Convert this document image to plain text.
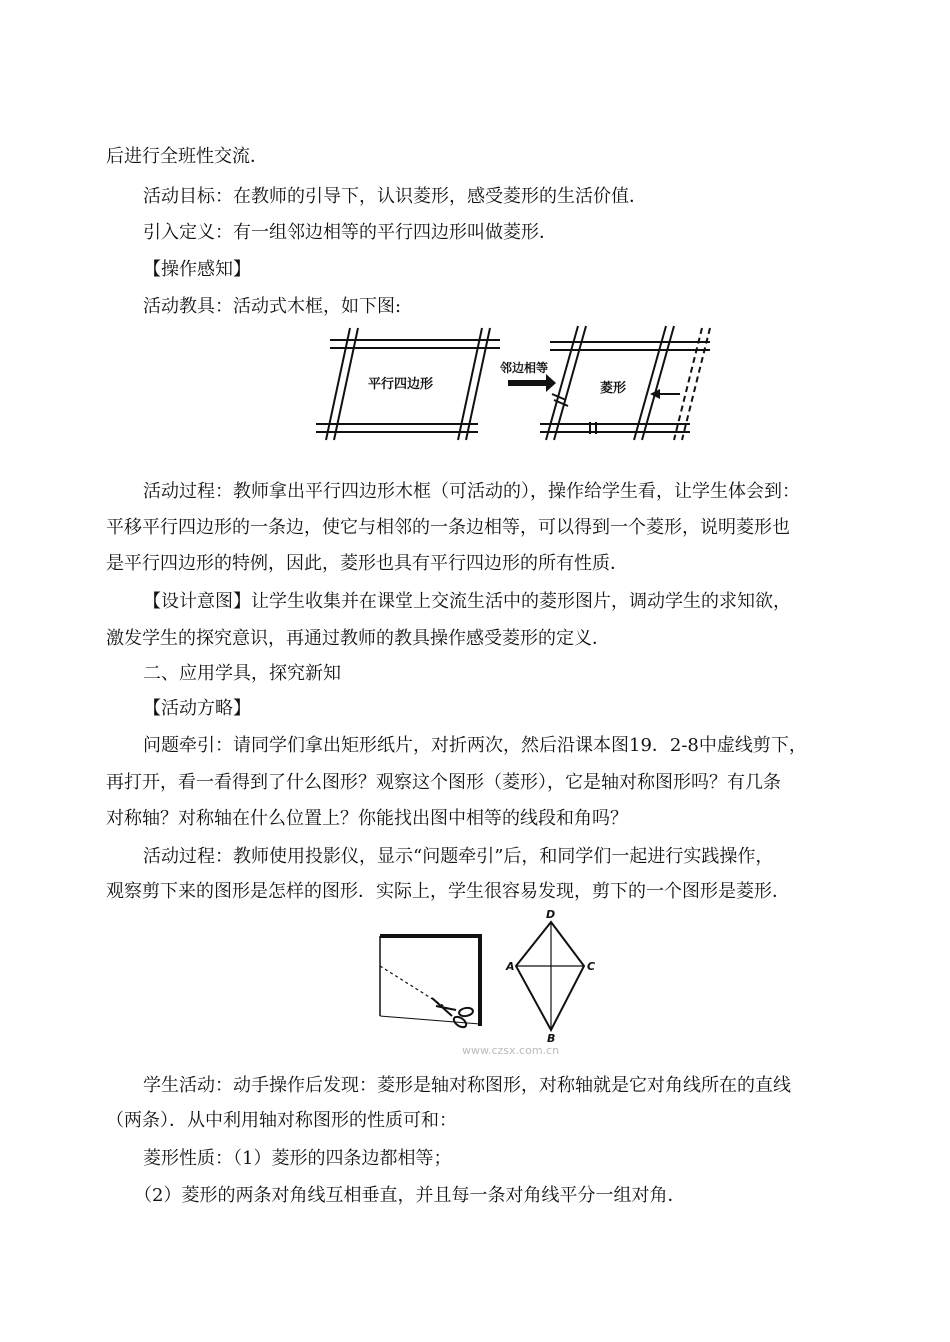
后进行全班性交流．
活动目标：在教师的引导下，认识菱形，感受菱形的生活价值．
引入定义：有一组邻边相等的平行四边形叫做菱形．
【操作感知】
活动教具：活动式木框，如下图:
平行四边形
邻边相等
菱形
活动过程：教师拿出平行四边形木框（可活动的），操作给学生看，让学生体会到：
平移平行四边形的一条边，使它与相邻的一条边相等，可以得到一个菱形，说明菱形也
是平行四边形的特例，因此，菱形也具有平行四边形的所有性质．
【设计意图】让学生收集并在课堂上交流生活中的菱形图片，调动学生的求知欲，
激发学生的探究意识，再通过教师的教具操作感受菱形的定义．
二、应用学具，探究新知
【活动方略】
问题牵引：请同学们拿出矩形纸片，对折两次，然后沿课本图19．2-8中虚线剪下，
再打开，看一看得到了什么图形？观察这个图形（菱形），它是轴对称图形吗？有几条
对称轴？对称轴在什么位置上？你能找出图中相等的线段和角吗？
活动过程：教师使用投影仪，显示“问题牵引”后，和同学们一起进行实践操作，
观察剪下来的图形是怎样的图形．实际上，学生很容易发现，剪下的一个图形是菱形．
D
A	C
B
www.czsx.com.cn
学生活动：动手操作后发现：菱形是轴对称图形，对称轴就是它对角线所在的直线
（两条）．从中利用轴对称图形的性质可和：
菱形性质：（1）菱形的四条边都相等；
（2）菱形的两条对角线互相垂直，并且每一条对角线平分一组对角．
